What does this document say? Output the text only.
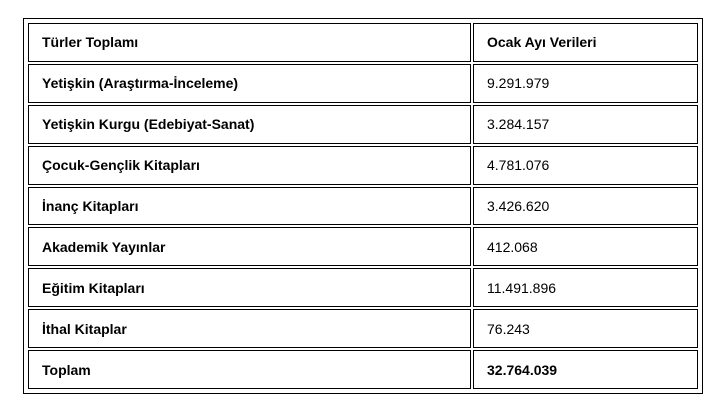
Türler Toplamı	Ocak Ayı Verileri
Yetişkin (Araştırma-İnceleme)	9.291.979
Yetişkin Kurgu (Edebiyat-Sanat)	3.284.157
Çocuk-Gençlik Kitapları	4.781.076
İnanç Kitapları	3.426.620
Akademik Yayınlar	412.068
Eğitim Kitapları	11.491.896
İthal Kitaplar	76.243
Toplam	32.764.039
